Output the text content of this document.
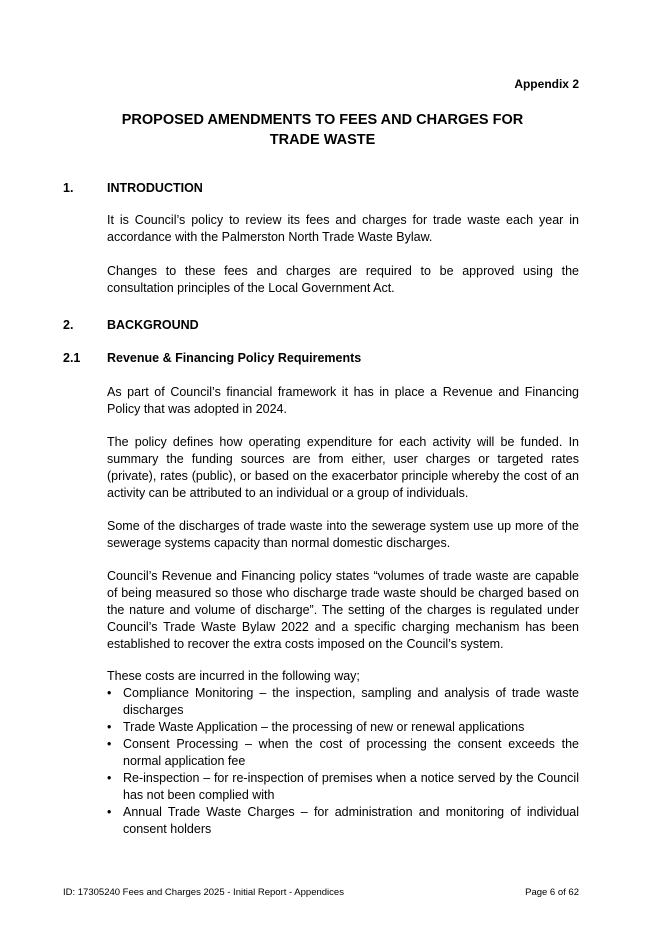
Appendix 2
PROPOSED AMENDMENTS TO FEES AND CHARGES FOR
TRADE WASTE
1.	INTRODUCTION
It is Council’s policy to review its fees and charges for trade waste each year in accordance with the Palmerston North Trade Waste Bylaw.
Changes to these fees and charges are required to be approved using the consultation principles of the Local Government Act.
2.	BACKGROUND
2.1 Revenue & Financing Policy Requirements
As part of Council’s financial framework it has in place a Revenue and Financing Policy that was adopted in 2024.
The policy defines how operating expenditure for each activity will be funded. In summary the funding sources are from either, user charges or targeted rates (private), rates (public), or based on the exacerbator principle whereby the cost of an activity can be attributed to an individual or a group of individuals.
Some of the discharges of trade waste into the sewerage system use up more of the sewerage systems capacity than normal domestic discharges.
Council’s Revenue and Financing policy states “volumes of trade waste are capable of being measured so those who discharge trade waste should be charged based on the nature and volume of discharge”. The setting of the charges is regulated under Council’s Trade Waste Bylaw 2022 and a specific charging mechanism has been established to recover the extra costs imposed on the Council’s system.
These costs are incurred in the following way;
• Compliance Monitoring – the inspection, sampling and analysis of trade waste discharges
• Trade Waste Application – the processing of new or renewal applications
• Consent Processing – when the cost of processing the consent exceeds the normal application fee
• Re-inspection – for re-inspection of premises when a notice served by the Council has not been complied with
• Annual Trade Waste Charges – for administration and monitoring of individual consent holders
ID: 17305240 Fees and Charges 2025 - Initial Report - Appendices	Page 6 of 62
